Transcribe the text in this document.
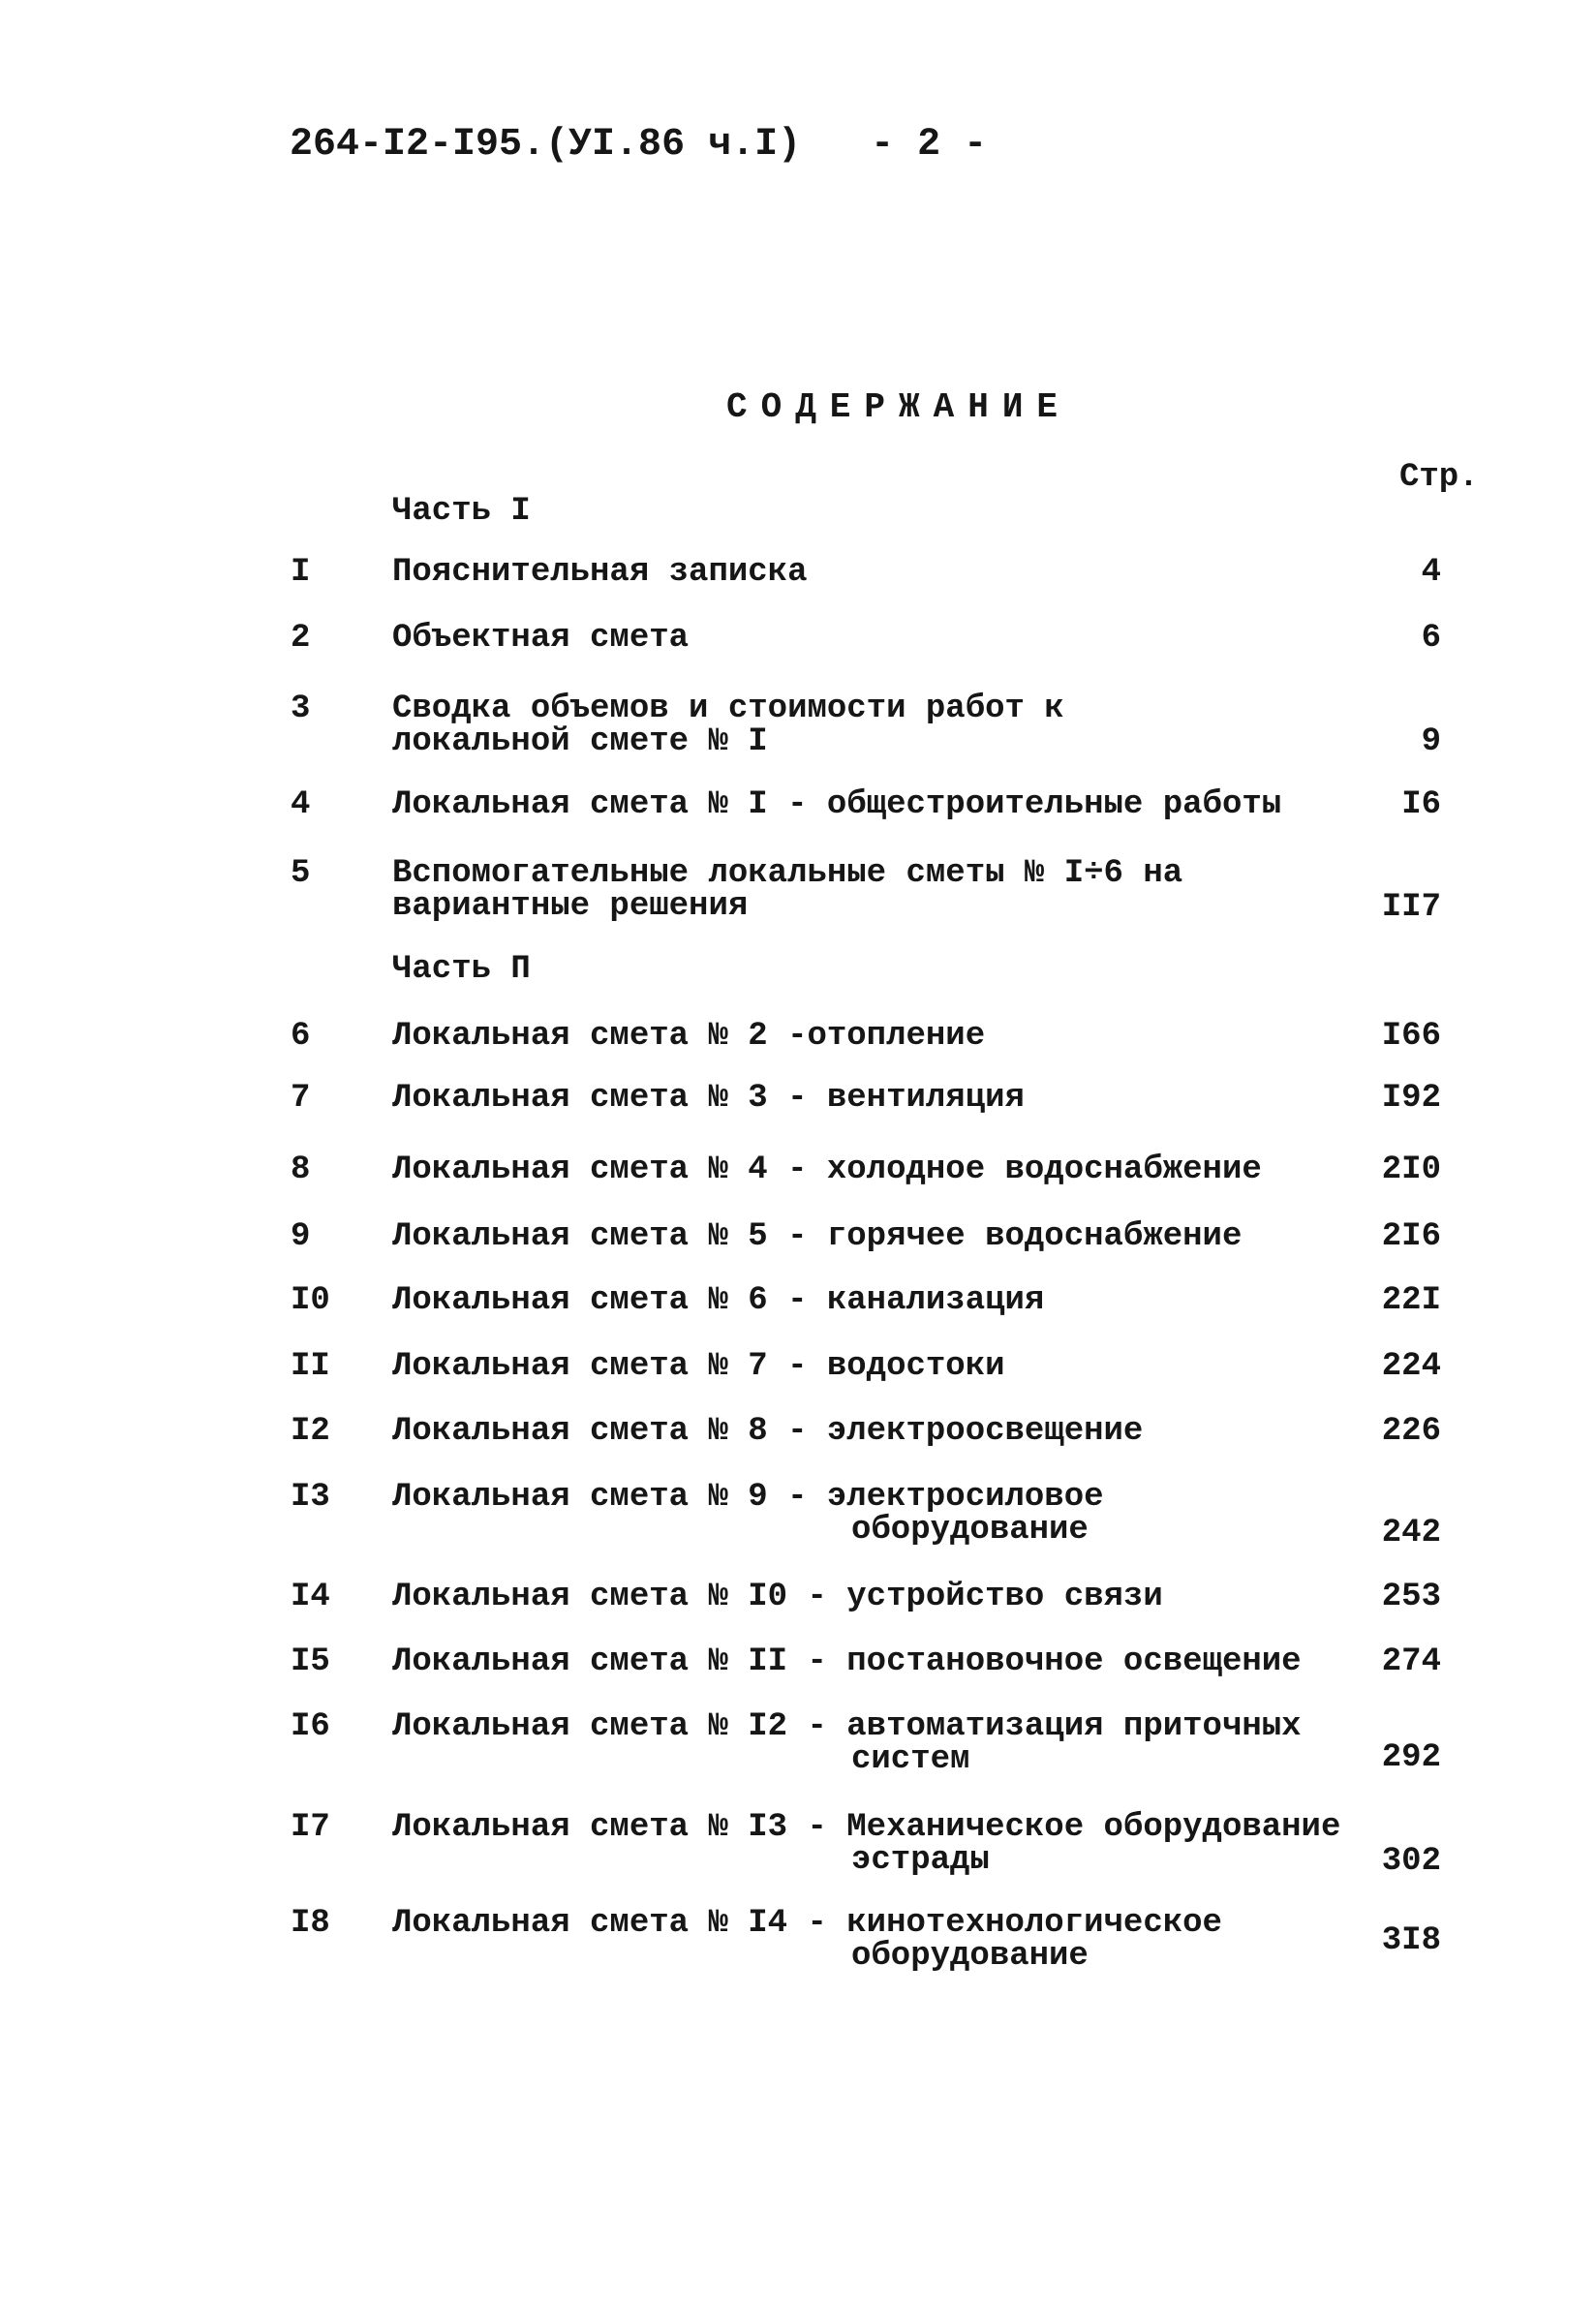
264-I2-I95.(УI.86 ч.I) - 2 -
СОДЕРЖАНИЕ
Стр.
Часть I
Часть П
I Пояснительная записка	4
2 Объектная смета	6
3 Сводка объемов и стоимости работ к
локальной смете № I	9
4 Локальная смета № I - общестроительные работы	I6
5 Вспомогательные локальные сметы № I÷6 на
вариантные решения	II7
6 Локальная смета № 2 -отопление	I66
7 Локальная смета № 3 - вентиляция	I92
8 Локальная смета № 4 - холодное водоснабжение	2I0
9 Локальная смета № 5 - горячее водоснабжение	2I6
I0 Локальная смета № 6 - канализация	22I
II Локальная смета № 7 - водостоки	224
I2 Локальная смета № 8 - электроосвещение	226
I3 Локальная смета № 9 - электросиловое
оборудование	242
I4 Локальная смета № I0 - устройство связи	253
I5 Локальная смета № II - постановочное освещение 274
I6 Локальная смета № I2 - автоматизация приточных
систем	292
I7 Локальная смета № I3 - Механическое оборудование
эстрады	302
I8 Локальная смета № I4 - кинотехнологическое
оборудование	3I8
